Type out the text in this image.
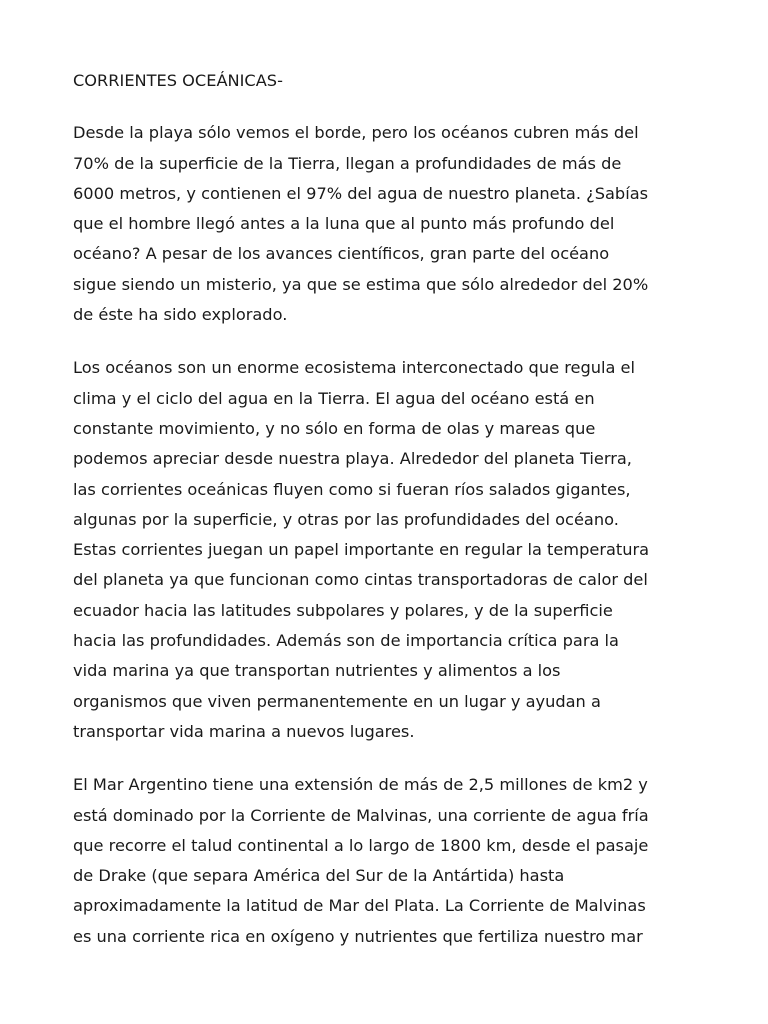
CORRIENTES OCEÁNICAS-

Desde la playa sólo vemos el borde, pero los océanos cubren más del
70% de la superficie de la Tierra, llegan a profundidades de más de
6000 metros, y contienen el 97% del agua de nuestro planeta. ¿Sabías
que el hombre llegó antes a la luna que al punto más profundo del
océano? A pesar de los avances científicos, gran parte del océano
sigue siendo un misterio, ya que se estima que sólo alrededor del 20%
de éste ha sido explorado.

Los océanos son un enorme ecosistema interconectado que regula el
clima y el ciclo del agua en la Tierra. El agua del océano está en
constante movimiento, y no sólo en forma de olas y mareas que
podemos apreciar desde nuestra playa. Alrededor del planeta Tierra,
las corrientes oceánicas fluyen como si fueran ríos salados gigantes,
algunas por la superficie, y otras por las profundidades del océano.
Estas corrientes juegan un papel importante en regular la temperatura
del planeta ya que funcionan como cintas transportadoras de calor del
ecuador hacia las latitudes subpolares y polares, y de la superficie
hacia las profundidades. Además son de importancia crítica para la
vida marina ya que transportan nutrientes y alimentos a los
organismos que viven permanentemente en un lugar y ayudan a
transportar vida marina a nuevos lugares.

El Mar Argentino tiene una extensión de más de 2,5 millones de km2 y
está dominado por la Corriente de Malvinas, una corriente de agua fría
que recorre el talud continental a lo largo de 1800 km, desde el pasaje
de Drake (que separa América del Sur de la Antártida) hasta
aproximadamente la latitud de Mar del Plata. La Corriente de Malvinas
es una corriente rica en oxígeno y nutrientes que fertiliza nuestro mar
